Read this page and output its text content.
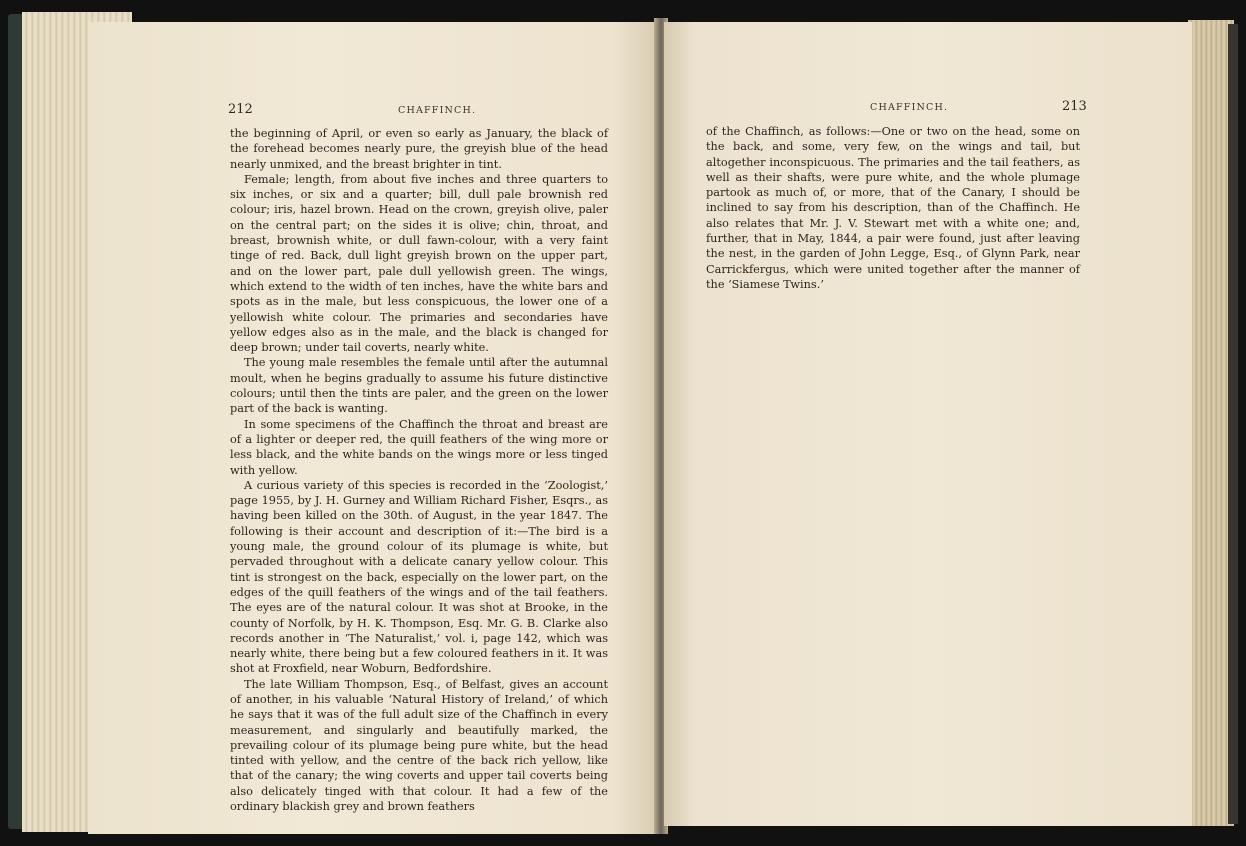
212	CHAFFINCH.

the beginning of April, or even so early as January, the black of the forehead becomes nearly pure, the greyish blue of the head nearly unmixed, and the breast brighter in tint.

Female; length, from about five inches and three quarters to six inches, or six and a quarter; bill, dull pale brownish red colour; iris, hazel brown. Head on the crown, greyish olive, paler on the central part; on the sides it is olive; chin, throat, and breast, brownish white, or dull fawn-colour, with a very faint tinge of red. Back, dull light greyish brown on the upper part, and on the lower part, pale dull yellowish green. The wings, which extend to the width of ten inches, have the white bars and spots as in the male, but less conspicuous, the lower one of a yellowish white colour. The primaries and secondaries have yellow edges also as in the male, and the black is changed for deep brown; under tail coverts, nearly white.

The young male resembles the female until after the autumnal moult, when he begins gradually to assume his future distinctive colours; until then the tints are paler, and the green on the lower part of the back is wanting.

In some specimens of the Chaffinch the throat and breast are of a lighter or deeper red, the quill feathers of the wing more or less black, and the white bands on the wings more or less tinged with yellow.

A curious variety of this species is recorded in the ‘Zoologist,’ page 1955, by J. H. Gurney and William Richard Fisher, Esqrs., as having been killed on the 30th. of August, in the year 1847. The following is their account and description of it:—The bird is a young male, the ground colour of its plumage is white, but pervaded throughout with a delicate canary yellow colour. This tint is strongest on the back, especially on the lower part, on the edges of the quill feathers of the wings and of the tail feathers. The eyes are of the natural colour. It was shot at Brooke, in the county of Norfolk, by H. K. Thompson, Esq. Mr. G. B. Clarke also records another in ‘The Naturalist,’ vol. i, page 142, which was nearly white, there being but a few coloured feathers in it. It was shot at Froxfield, near Woburn, Bedfordshire.

The late William Thompson, Esq., of Belfast, gives an account of another, in his valuable ‘Natural History of Ireland,’ of which he says that it was of the full adult size of the Chaffinch in every measurement, and singularly and beautifully marked, the prevailing colour of its plumage being pure white, but the head tinted with yellow, and the centre of the back rich yellow, like that of the canary; the wing coverts and upper tail coverts being also delicately tinged with that colour. It had a few of the ordinary blackish grey and brown feathers

CHAFFINCH.	213

of the Chaffinch, as follows:—One or two on the head, some on the back, and some, very few, on the wings and tail, but altogether inconspicuous. The primaries and the tail feathers, as well as their shafts, were pure white, and the whole plumage partook as much of, or more, that of the Canary, I should be inclined to say from his description, than of the Chaffinch. He also relates that Mr. J. V. Stewart met with a white one; and, further, that in May, 1844, a pair were found, just after leaving the nest, in the garden of John Legge, Esq., of Glynn Park, near Carrickfergus, which were united together after the manner of the ‘Siamese Twins.’
